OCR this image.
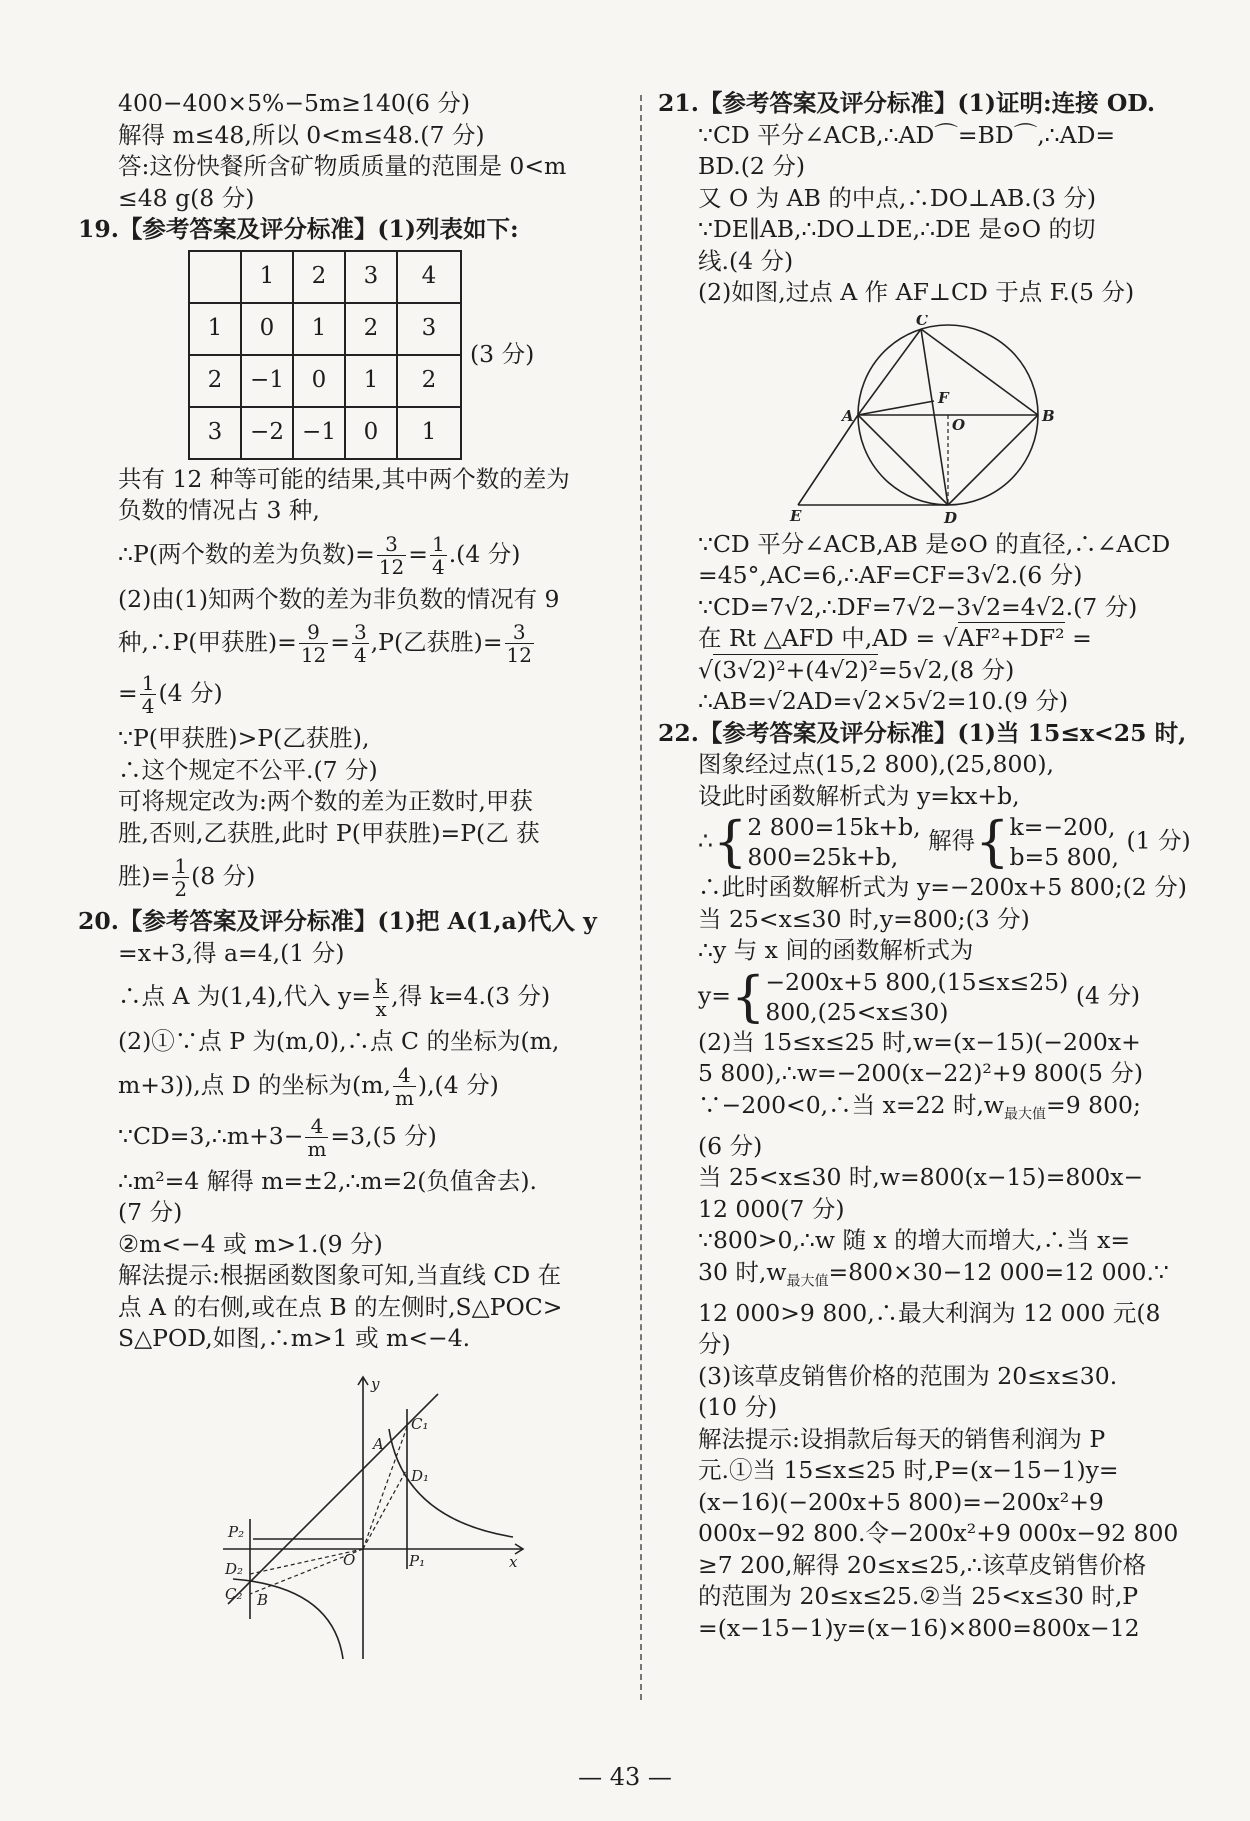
400−400×5%−5m≥140(6 分)
解得 m≤48,所以 0<m≤48.(7 分)
答:这份快餐所含矿物质质量的范围是 0<m
≤48 g(8 分)
19.【参考答案及评分标准】(1)列表如下:
	1	2	3	4
1	0	1	2	3
2	−1	0	1	2
3	−2	−1	0	1
(3 分)
共有 12 种等可能的结果,其中两个数的差为
负数的情况占 3 种,
∴P(两个数的差为负数)= $\frac{3}{12} = \frac{1}{4} .(4$ 分)
(2)由(1)知两个数的差为非负数的情况有 9
种,∴P(甲获胜)= $\frac{9}{12} = \frac{3}{4} ,P$(乙获胜)= $\frac{3}{12}$
= $\frac{1}{4} (4$ 分)
∵P(甲获胜)>P(乙获胜),
∴这个规定不公平.(7 分)
可将规定改为:两个数的差为正数时,甲获
胜,否则,乙获胜,此时 P(甲获胜)=P(乙 获
胜)= $\frac{1}{2} (8$ 分)
20.【参考答案及评分标准】(1)把 A(1,a)代入 y
=x+3,得 a=4,(1 分)
∴点 A 为(1,4),代入 $y= \frac{k}{x}$ ,得 k=4.(3 分)
(2)①∵点 P 为(m,0),∴点 C 的坐标为(m,
m+3)),点 D 的坐标为(m, $\frac{4}{m} ),(4$ 分)
∵CD=3,∴m+3− $\frac{4}{m} =3,(5$ 分)
∴m²=4 解得 m=±2,∴m=2(负值舍去).
(7 分)
②m<−4 或 m>1.(9 分)
解法提示:根据函数图象可知,当直线 CD 在
点 A 的右侧,或在点 B 的左侧时,S△POC>
S△POD,如图,∴m>1 或 m<−4.
y
x
A
C₁
D₁
O	P₁
P₂
D₂
C₂ B
21.【参考答案及评分标准】(1)证明:连接 OD.
∵CD 平分∠ACB,∴AD⌒=BD⌒,∴AD=
BD.(2 分)
又 O 为 AB 的中点,∴DO⊥AB.(3 分)
∵DE∥AB,∴DO⊥DE,∴DE 是⊙O 的切
线.(4 分)
(2)如图,过点 A 作 AF⊥CD 于点 F.(5 分)
C
A	B
F
O
E	D
∵CD 平分∠ACB,AB 是⊙O 的直径,∴∠ACD
=45°,AC=6,∴AF=CF=3√2.(6 分)
∵CD=7√2,∴DF=7√2−3√2=4√2.(7 分)
在 Rt △AFD 中,AD = √AF²+DF² =
√(3√2)²+(4√2)²=5√2,(8 分)
∴AB=√2AD=√2×5√2=10.(9 分)
22.【参考答案及评分标准】(1)当 15≤x<25 时,
图象经过点(15,2 800),(25,800),
设此时函数解析式为 y=kx+b,
∴{ 2 800=15k+b,
800=25k+b,
解得{ k=−200,
b=5 800,
(1 分)
∴此时函数解析式为 y=−200x+5 800;(2 分)
当 25<x≤30 时,y=800;(3 分)
∴y 与 x 间的函数解析式为
y={ −200x+5 800,(15≤x≤25)
800,(25<x≤30)
(4 分)
(2)当 15≤x≤25 时,w=(x−15)(−200x+
5 800),∴w=−200(x−22)²+9 800(5 分)
∵−200<0,∴当 x=22 时$,w_{最大值}=9$ 800;
(6 分)
当 25<x≤30 时,w=800(x−15)=800x−
12 000(7 分)
∵800>0,∴w 随 x 的增大而增大,∴当 x=
30 时$,w_{最大值}=800\times 30-12$ 000=12 000.∵
12 000>9 800,∴最大利润为 12 000 元(8
分)
(3)该草皮销售价格的范围为 20≤x≤30.
(10 分)
解法提示:设捐款后每天的销售利润为 P
元.①当 15≤x≤25 时,P=(x−15−1)y=
(x−16)(−200x+5 800)=−200x²+9
000x−92 800.令−200x²+9 000x−92 800
≥7 200,解得 20≤x≤25,∴该草皮销售价格
的范围为 20≤x≤25.②当 25<x≤30 时,P
=(x−15−1)y=(x−16)×800=800x−12
— 43 —
